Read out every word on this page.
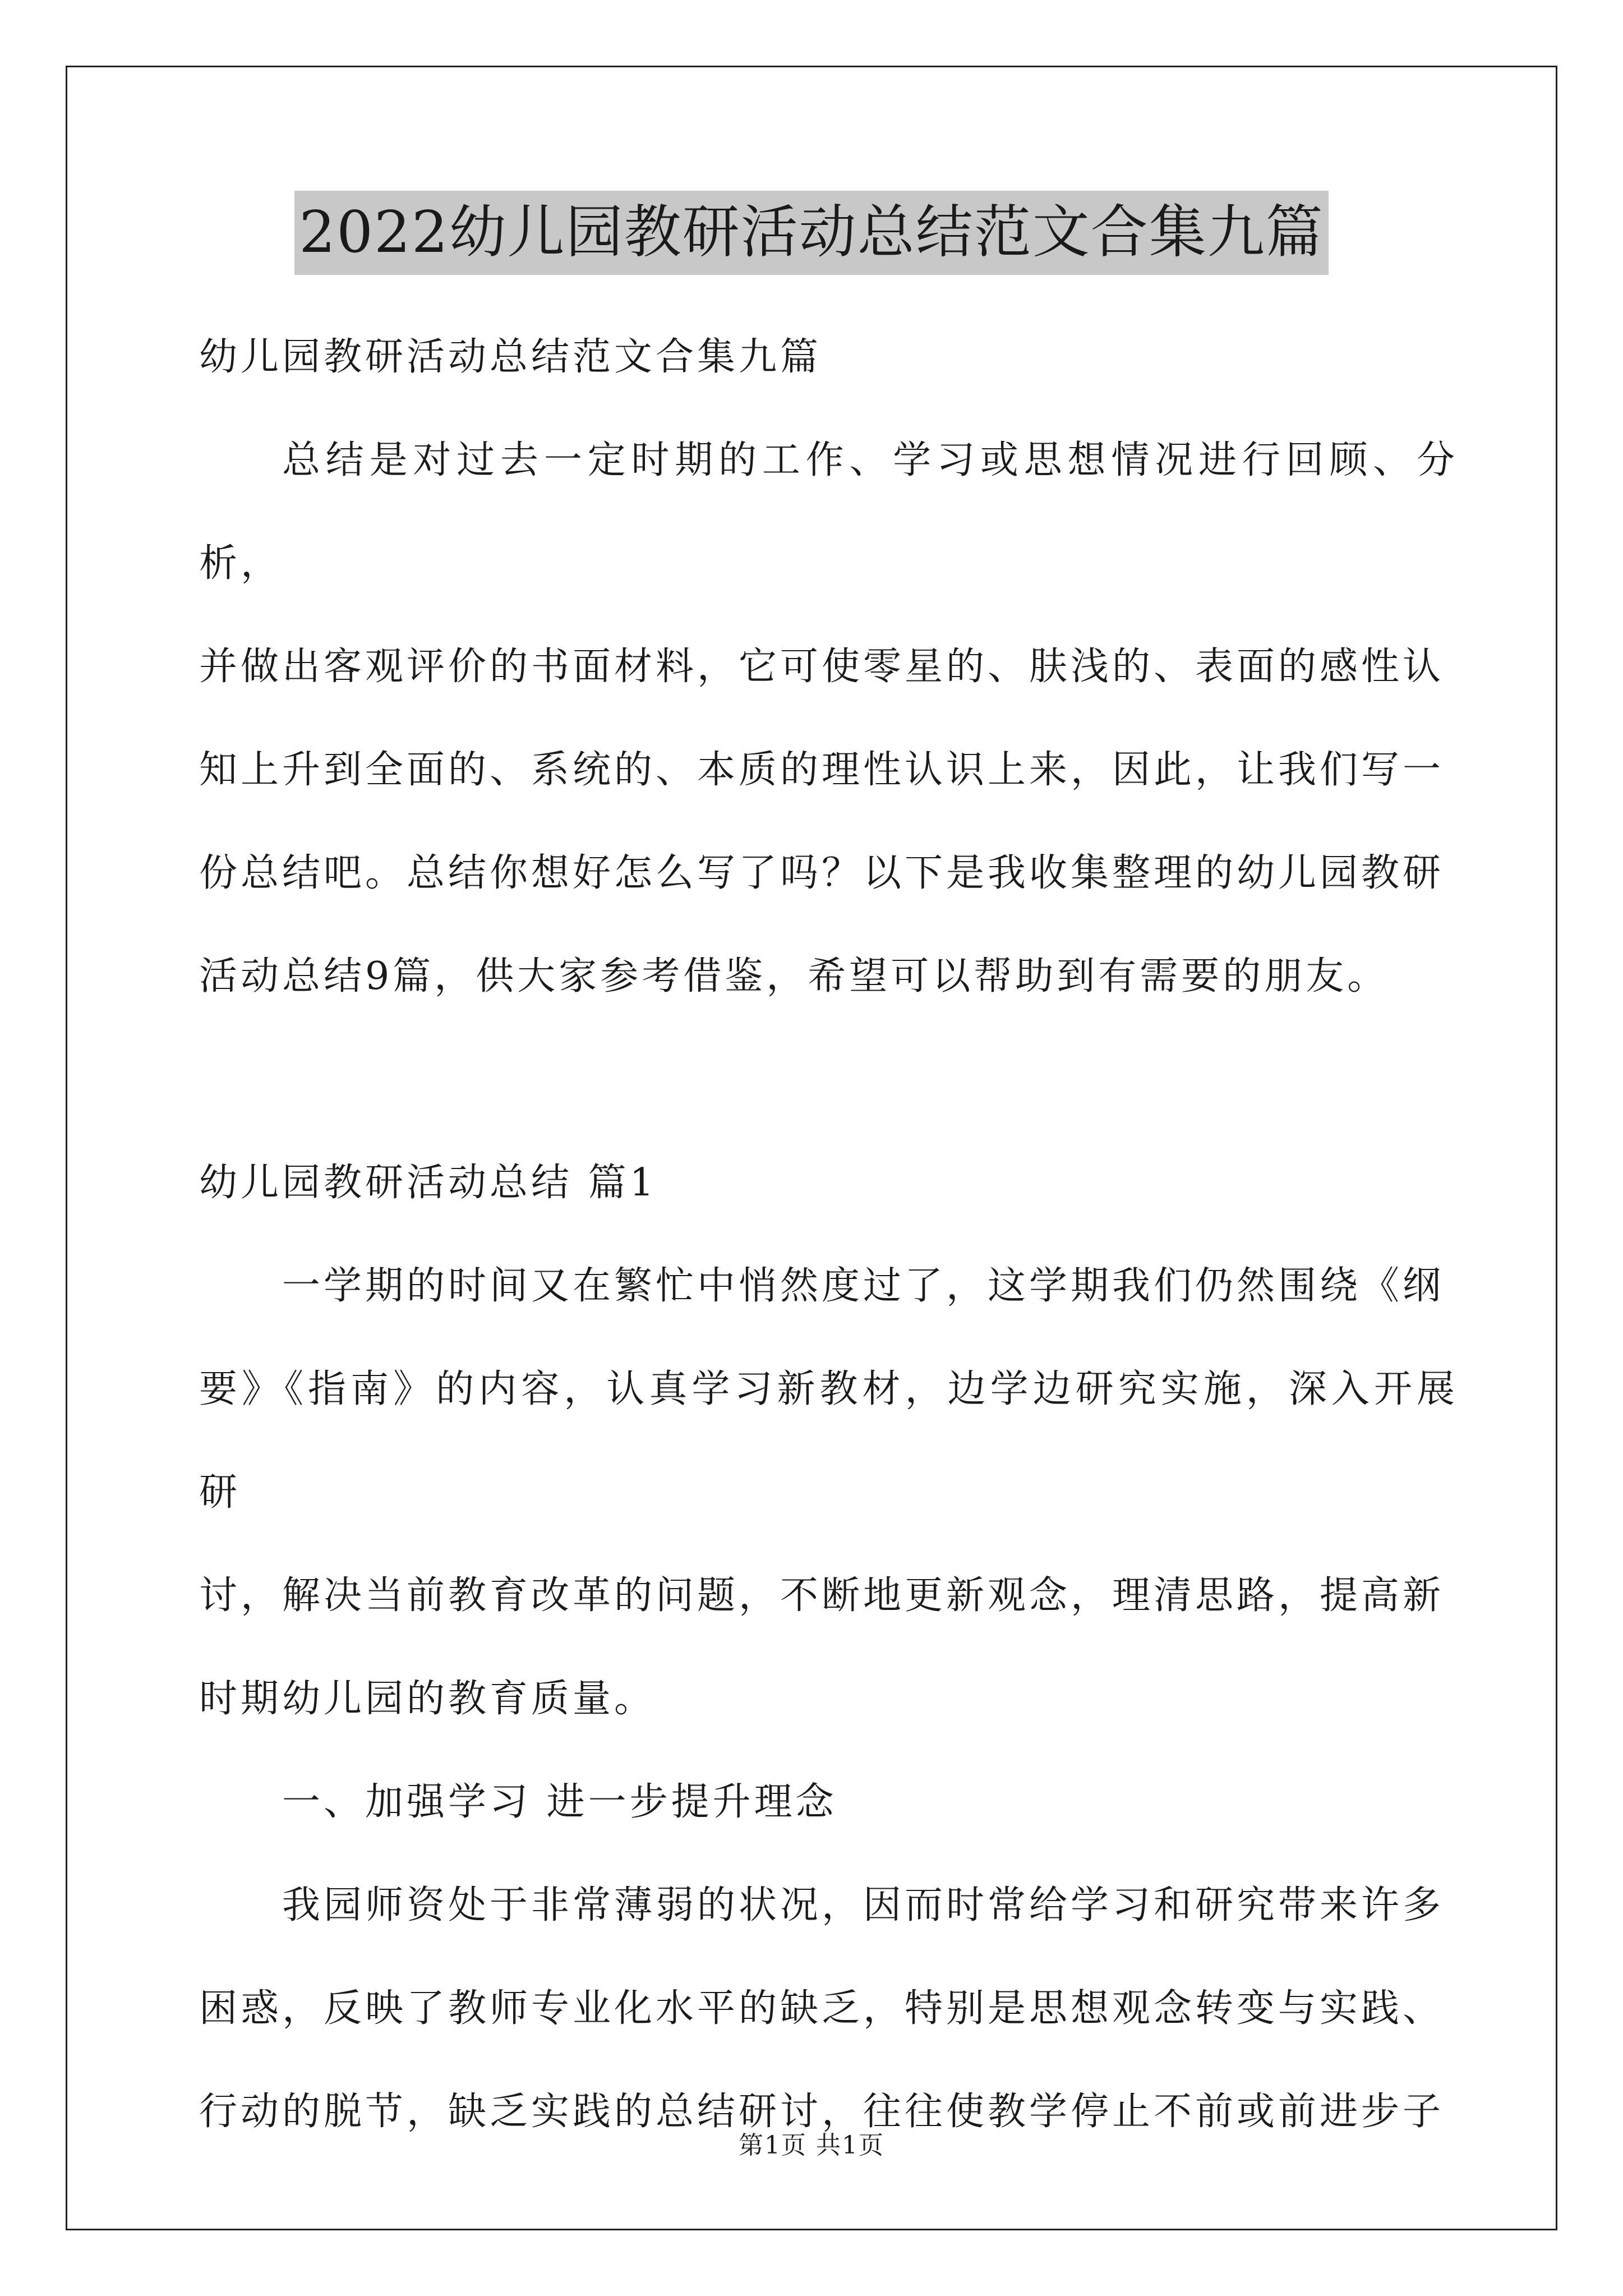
2022幼儿园教研活动总结范文合集九篇

幼儿园教研活动总结范文合集九篇

总结是对过去一定时期的工作、学习或思想情况进行回顾、分析，

并做出客观评价的书面材料，它可使零星的、肤浅的、表面的感性认

知上升到全面的、系统的、本质的理性认识上来，因此，让我们写一

份总结吧。总结你想好怎么写了吗？以下是我收集整理的幼儿园教研

活动总结9篇，供大家参考借鉴，希望可以帮助到有需要的朋友。

幼儿园教研活动总结 篇1

一学期的时间又在繁忙中悄然度过了，这学期我们仍然围绕《纲

要》《指南》的内容，认真学习新教材，边学边研究实施，深入开展研

讨，解决当前教育改革的问题，不断地更新观念，理清思路，提高新

时期幼儿园的教育质量。

一、加强学习 进一步提升理念

我园师资处于非常薄弱的状况，因而时常给学习和研究带来许多

困惑，反映了教师专业化水平的缺乏，特别是思想观念转变与实践、

行动的脱节，缺乏实践的总结研讨，往往使教学停止不前或前进步子

第1页 共1页
